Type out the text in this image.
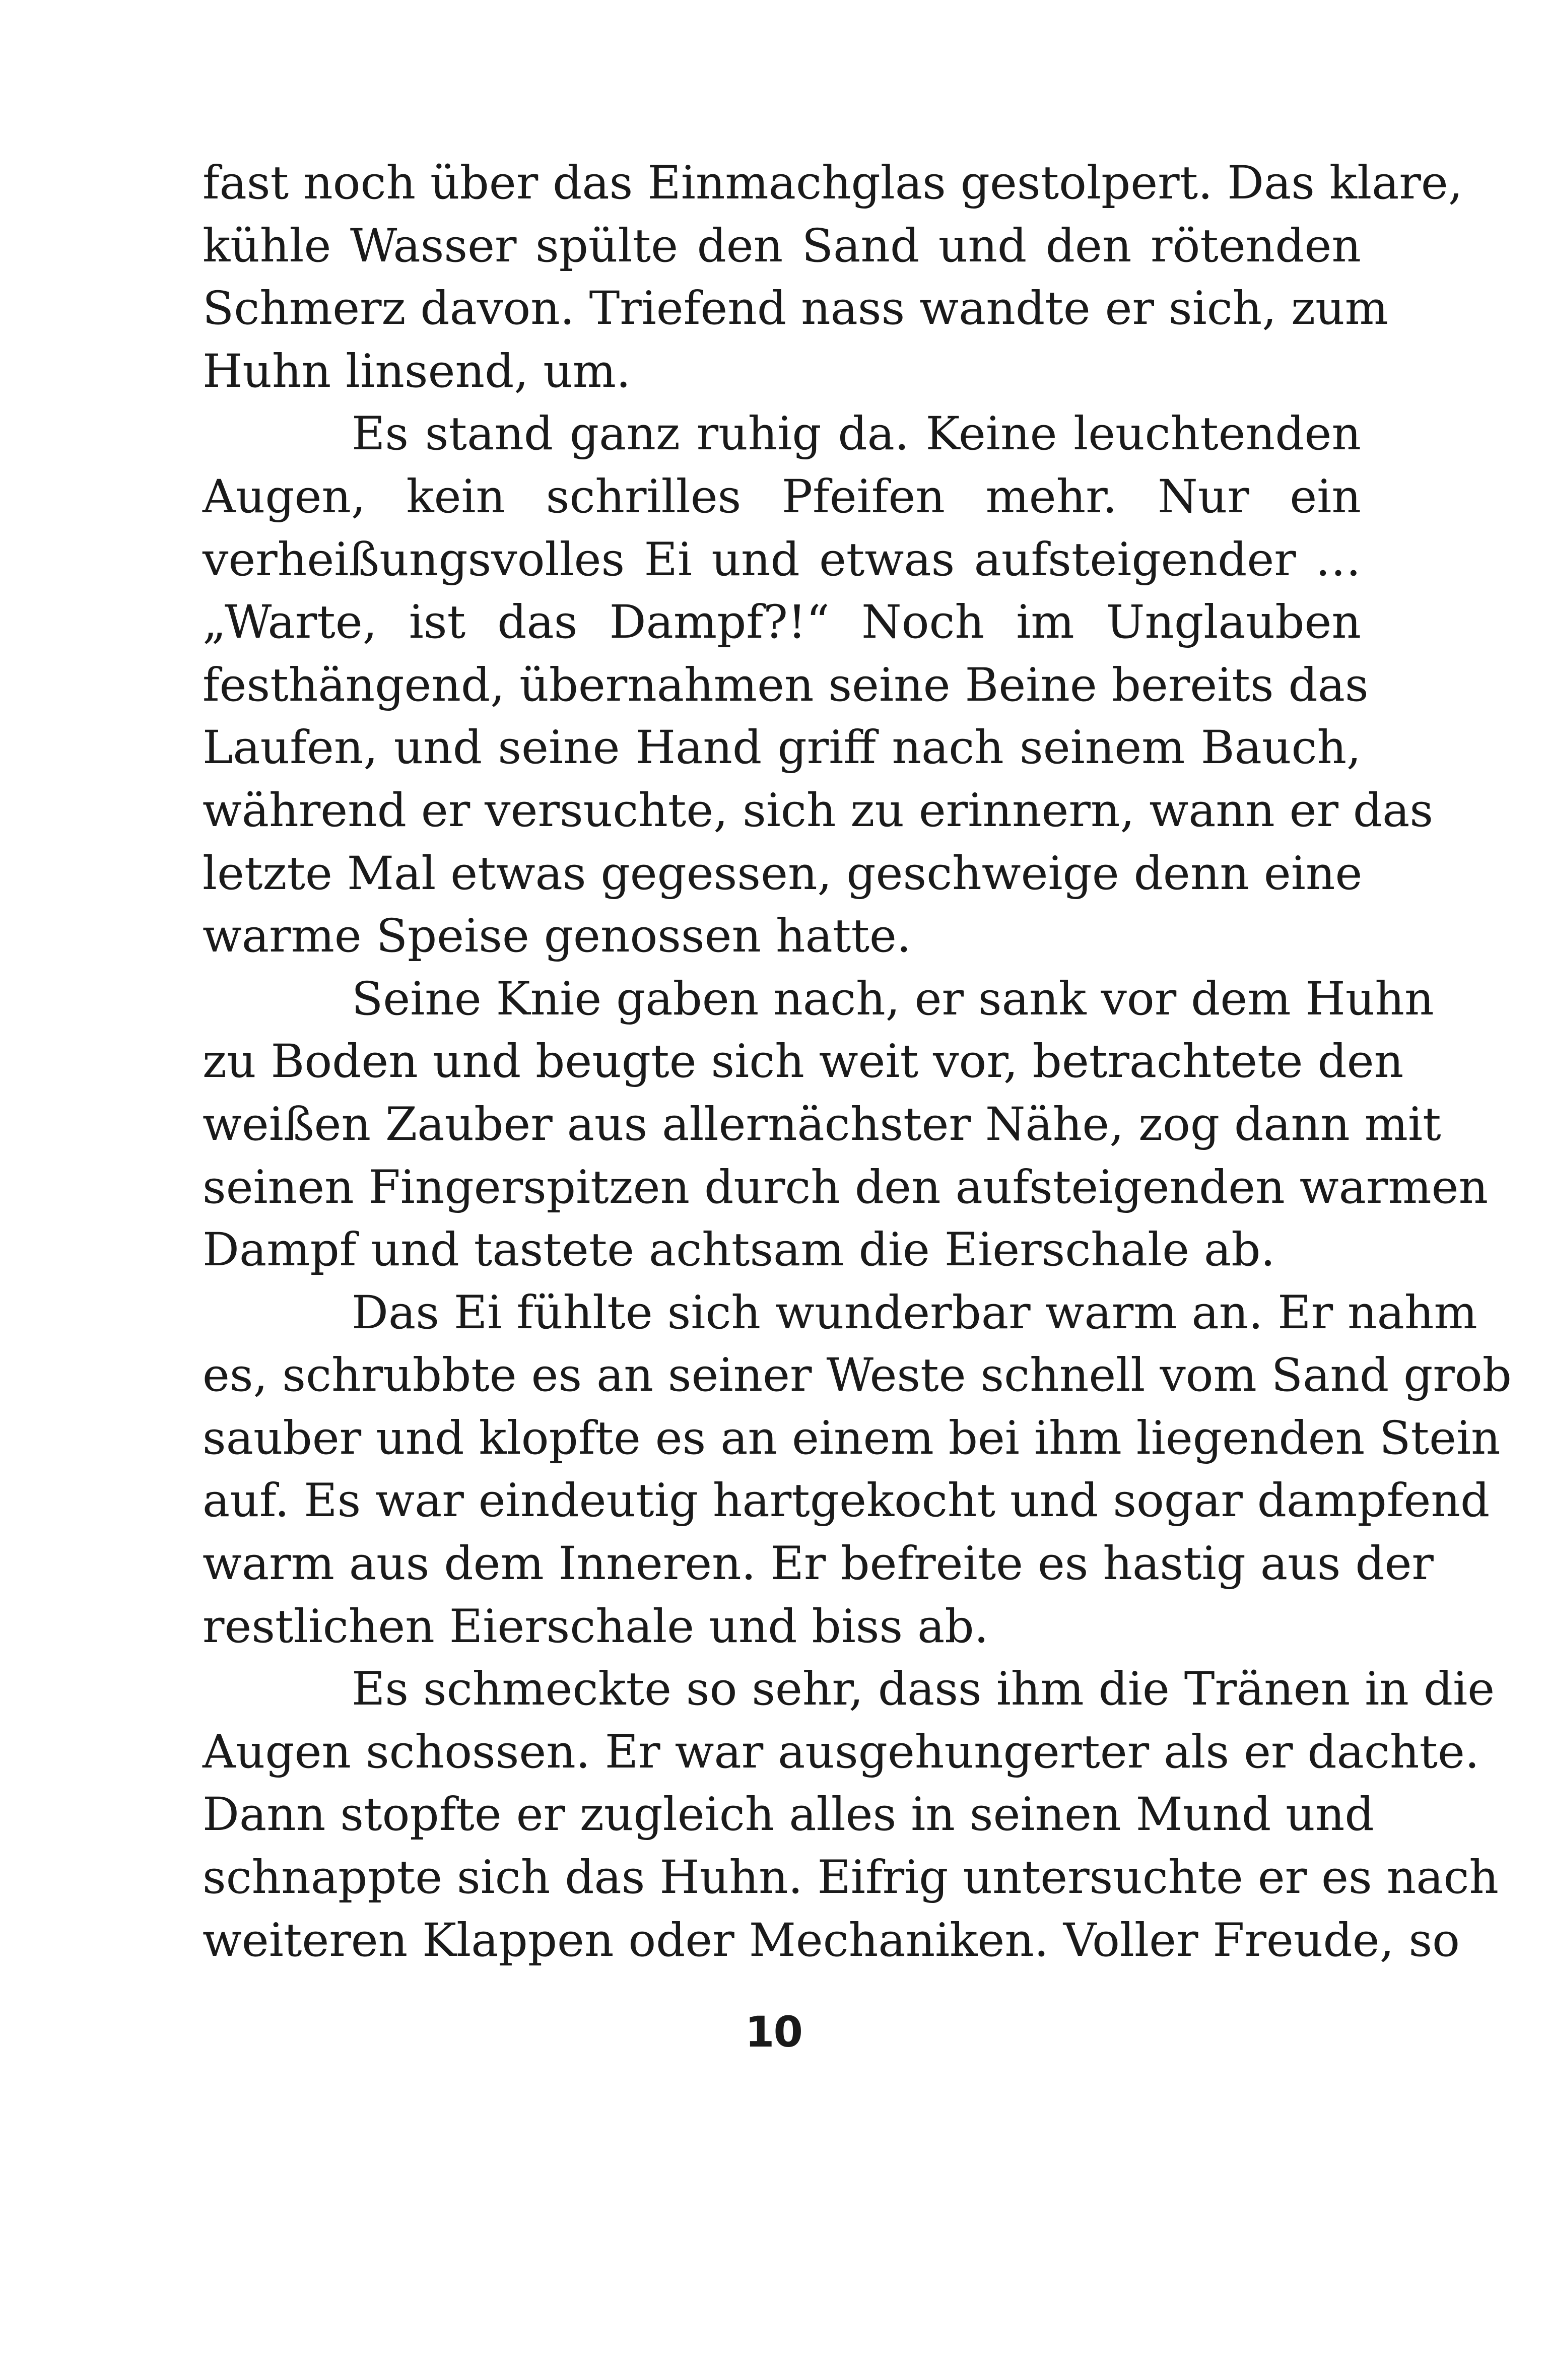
fast noch über das Einmachglas gestolpert. Das klare,
kühle Wasser spülte den Sand und den rötenden
Schmerz davon. Triefend nass wandte er sich, zum
Huhn linsend, um.
Es stand ganz ruhig da. Keine leuchtenden
Augen, kein schrilles Pfeifen mehr. Nur ein
verheißungsvolles Ei und etwas aufsteigender …
„Warte, ist das Dampf?!“ Noch im Unglauben
festhängend, übernahmen seine Beine bereits das
Laufen, und seine Hand griff nach seinem Bauch,
während er versuchte, sich zu erinnern, wann er das
letzte Mal etwas gegessen, geschweige denn eine
warme Speise genossen hatte.
Seine Knie gaben nach, er sank vor dem Huhn
zu Boden und beugte sich weit vor, betrachtete den
weißen Zauber aus allernächster Nähe, zog dann mit
seinen Fingerspitzen durch den aufsteigenden warmen
Dampf und tastete achtsam die Eierschale ab.
Das Ei fühlte sich wunderbar warm an. Er nahm
es, schrubbte es an seiner Weste schnell vom Sand grob
sauber und klopfte es an einem bei ihm liegenden Stein
auf. Es war eindeutig hartgekocht und sogar dampfend
warm aus dem Inneren. Er befreite es hastig aus der
restlichen Eierschale und biss ab.
Es schmeckte so sehr, dass ihm die Tränen in die
Augen schossen. Er war ausgehungerter als er dachte.
Dann stopfte er zugleich alles in seinen Mund und
schnappte sich das Huhn. Eifrig untersuchte er es nach
weiteren Klappen oder Mechaniken. Voller Freude, so
10
